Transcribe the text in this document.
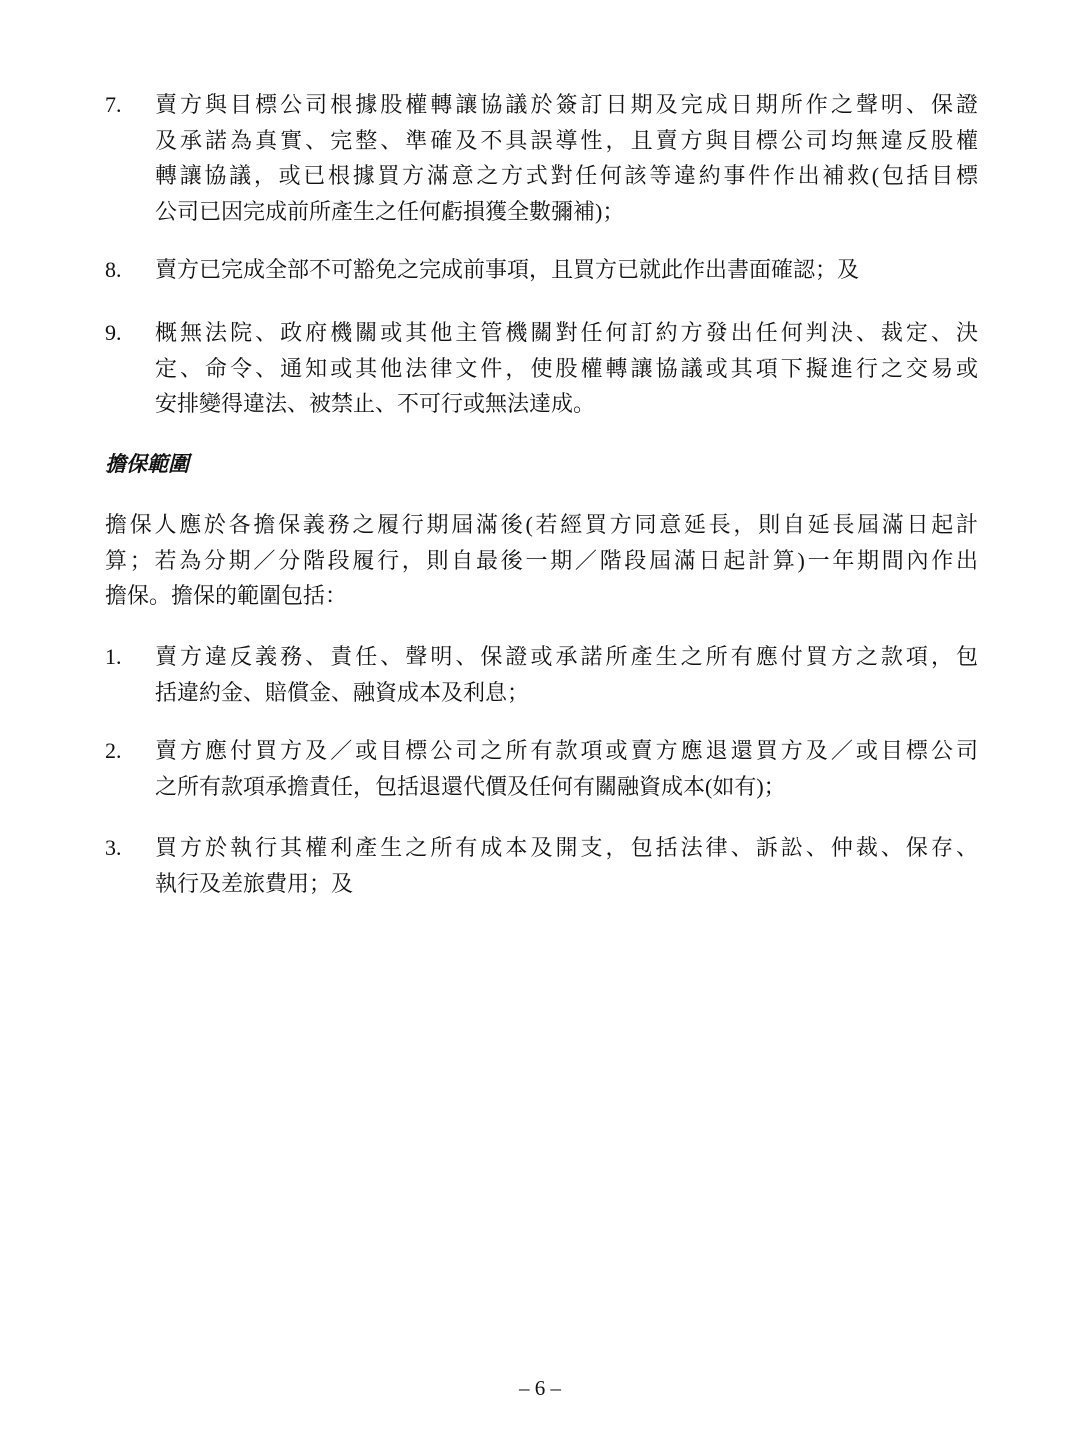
7.	賣方與目標公司根據股權轉讓協議於簽訂日期及完成日期所作之聲明、保證
及承諾為真實、完整、準確及不具誤導性，且賣方與目標公司均無違反股權
轉讓協議，或已根據買方滿意之方式對任何該等違約事件作出補救(包括目標
公司已因完成前所產生之任何虧損獲全數彌補)；
8.	賣方已完成全部不可豁免之完成前事項，且買方已就此作出書面確認；及
9.	概無法院、政府機關或其他主管機關對任何訂約方發出任何判決、裁定、決
定、命令、通知或其他法律文件，使股權轉讓協議或其項下擬進行之交易或
安排變得違法、被禁止、不可行或無法達成。
擔保範圍
擔保人應於各擔保義務之履行期屆滿後(若經買方同意延長，則自延長屆滿日起計
算；若為分期／分階段履行，則自最後一期／階段屆滿日起計算)一年期間內作出
擔保。擔保的範圍包括：
1.	賣方違反義務、責任、聲明、保證或承諾所產生之所有應付買方之款項，包
括違約金、賠償金、融資成本及利息；
2.	賣方應付買方及／或目標公司之所有款項或賣方應退還買方及／或目標公司
之所有款項承擔責任，包括退還代價及任何有關融資成本(如有)；
3.	買方於執行其權利產生之所有成本及開支，包括法律、訴訟、仲裁、保存、
執行及差旅費用；及
– 6 –
